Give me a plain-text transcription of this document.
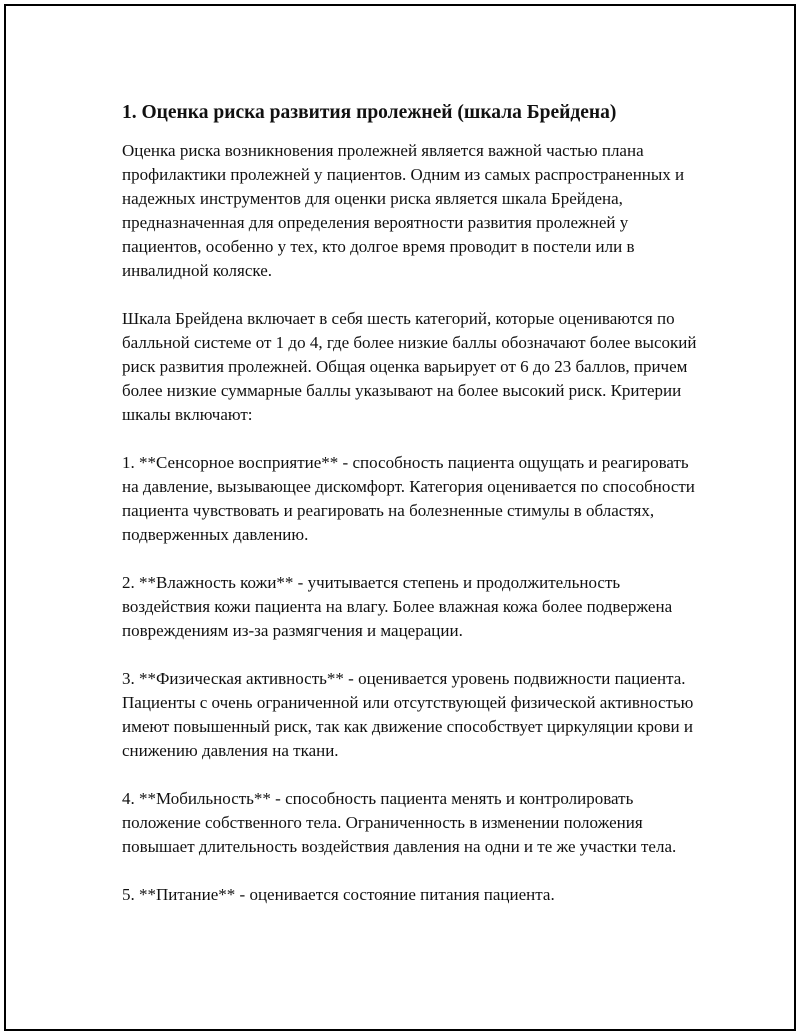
1. Оценка риска развития пролежней (шкала Брейдена)

Оценка риска возникновения пролежней является важной частью плана профилактики пролежней у пациентов. Одним из самых распространенных и надежных инструментов для оценки риска является шкала Брейдена, предназначенная для определения вероятности развития пролежней у пациентов, особенно у тех, кто долгое время проводит в постели или в инвалидной коляске.

Шкала Брейдена включает в себя шесть категорий, которые оцениваются по балльной системе от 1 до 4, где более низкие баллы обозначают более высокий риск развития пролежней. Общая оценка варьирует от 6 до 23 баллов, причем более низкие суммарные баллы указывают на более высокий риск. Критерии шкалы включают:

1. **Сенсорное восприятие** - способность пациента ощущать и реагировать на давление, вызывающее дискомфорт. Категория оценивается по способности пациента чувствовать и реагировать на болезненные стимулы в областях, подверженных давлению.

2. **Влажность кожи** - учитывается степень и продолжительность воздействия кожи пациента на влагу. Более влажная кожа более подвержена повреждениям из-за размягчения и мацерации.

3. **Физическая активность** - оценивается уровень подвижности пациента. Пациенты с очень ограниченной или отсутствующей физической активностью имеют повышенный риск, так как движение способствует циркуляции крови и снижению давления на ткани.

4. **Мобильность** - способность пациента менять и контролировать положение собственного тела. Ограниченность в изменении положения повышает длительность воздействия давления на одни и те же участки тела.

5. **Питание** - оценивается состояние питания пациента.
